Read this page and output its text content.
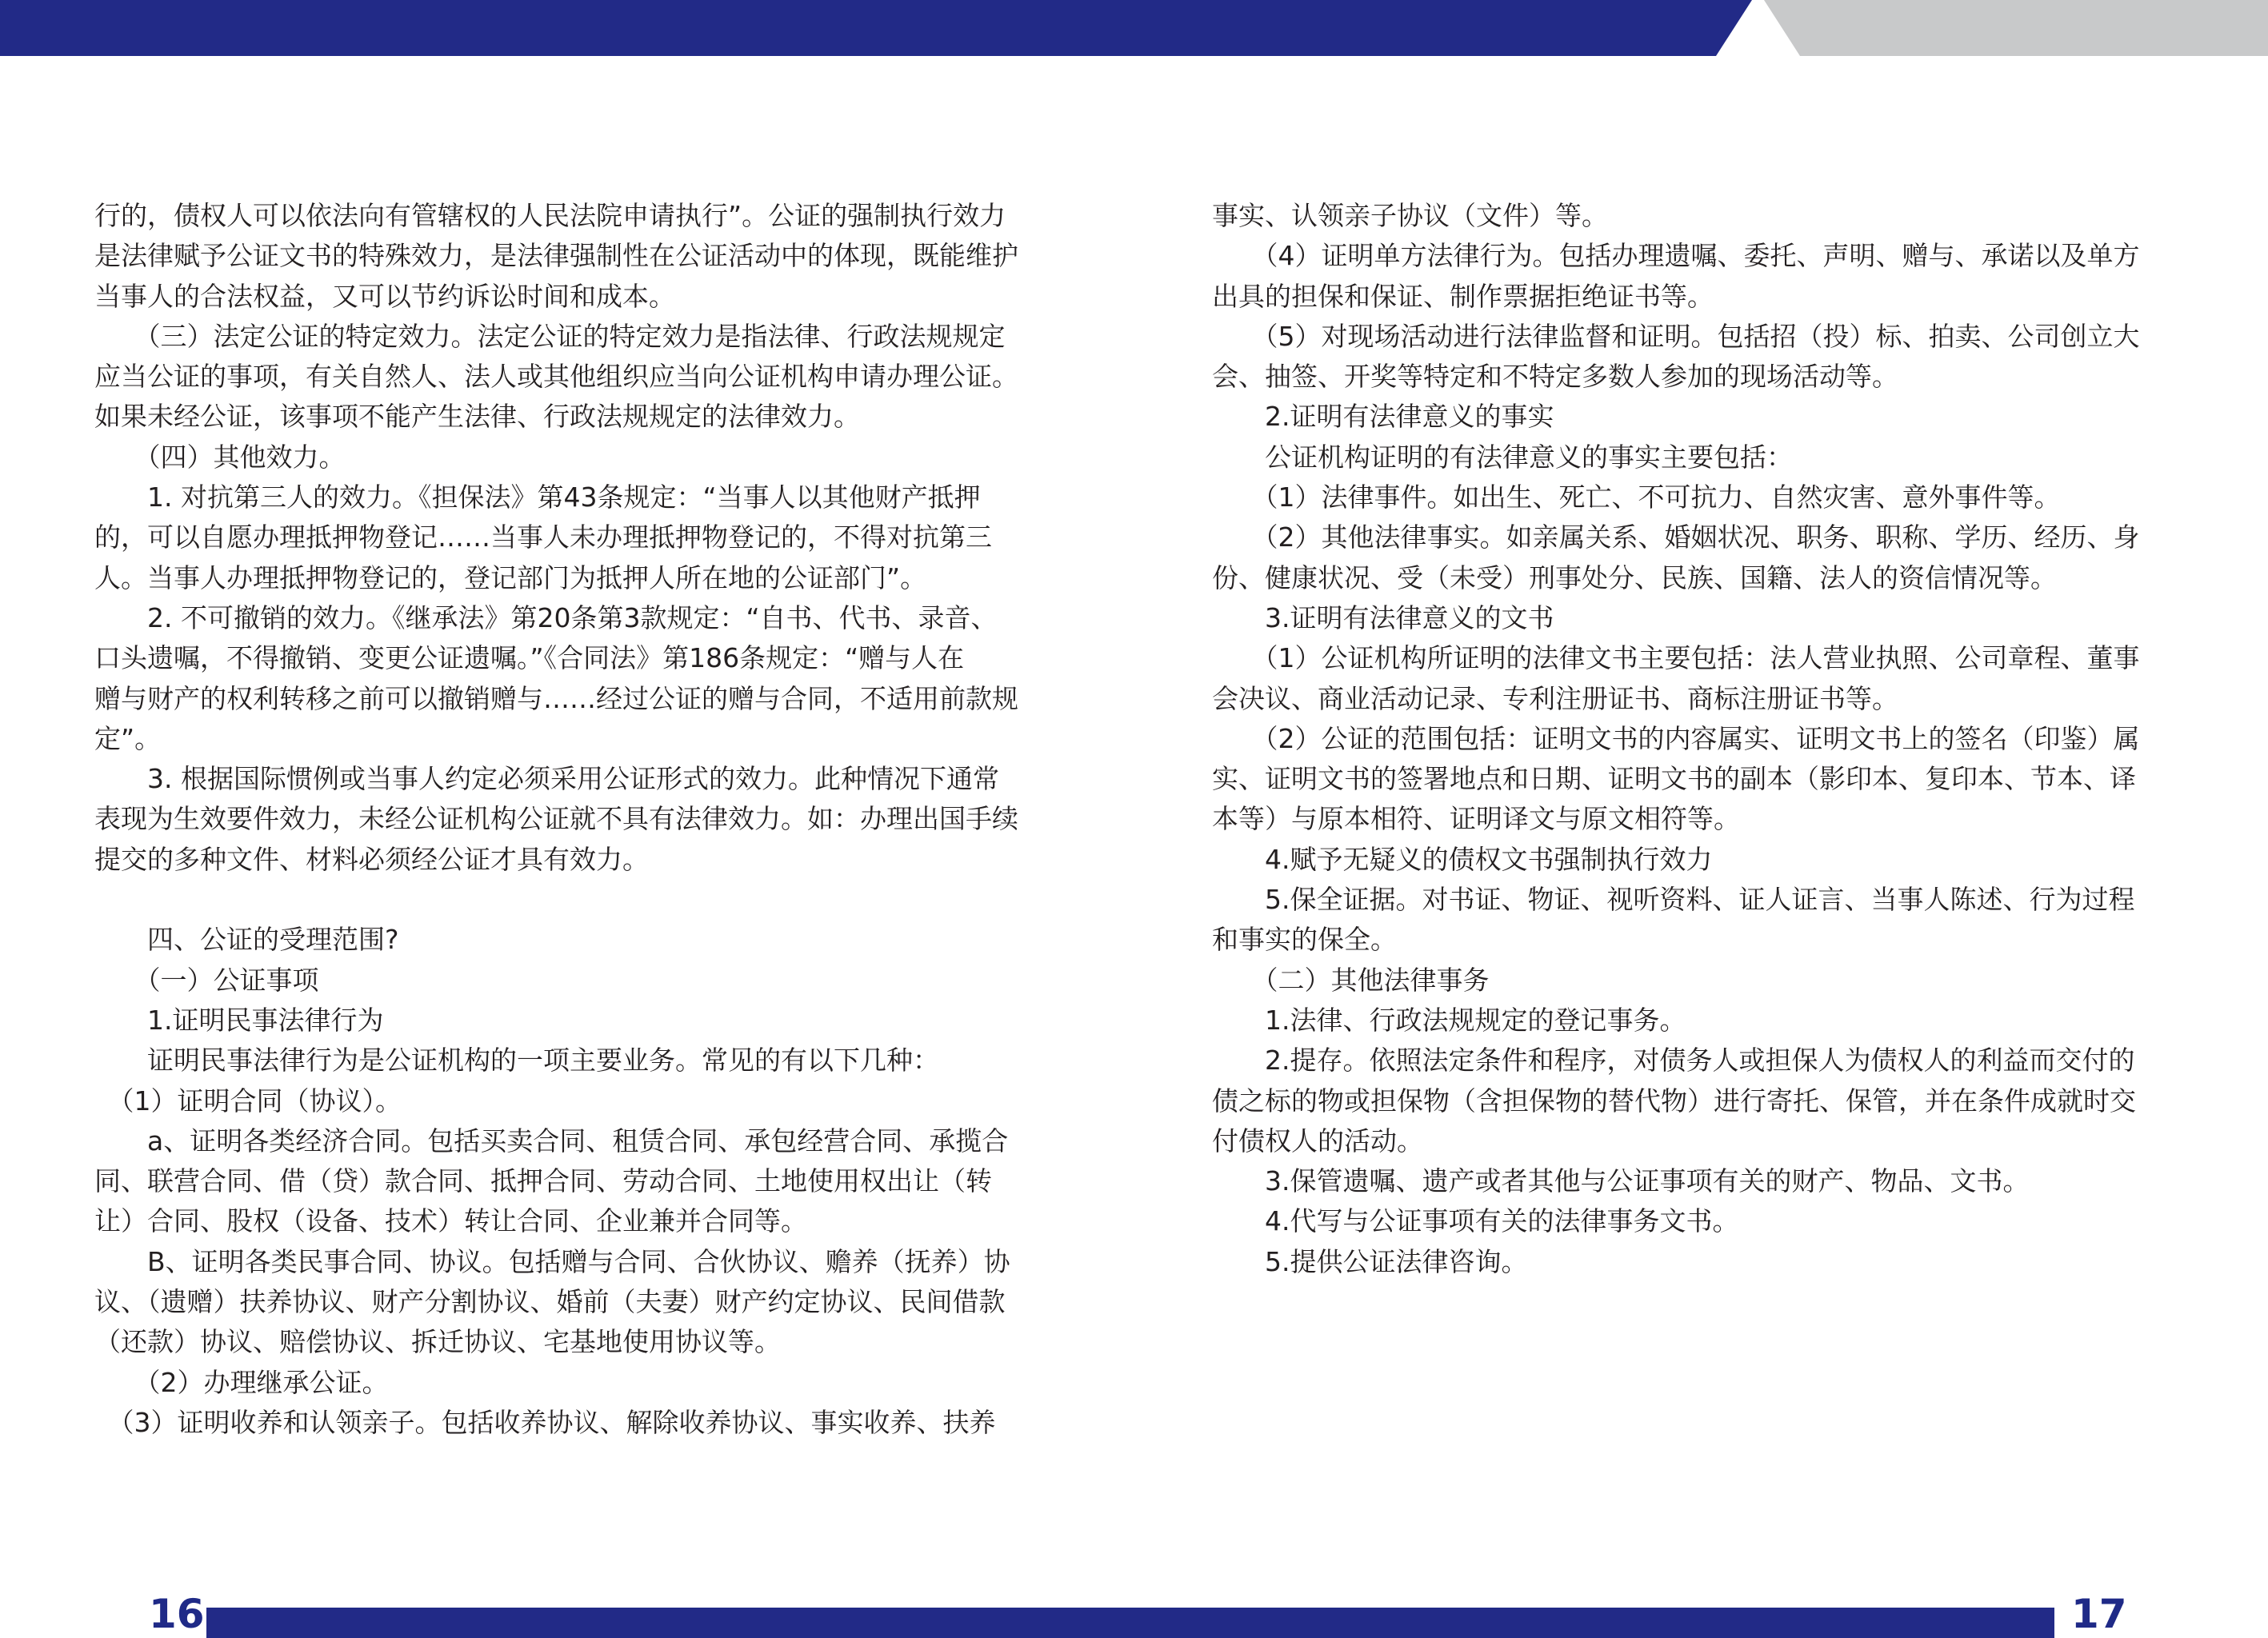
行的，债权人可以依法向有管辖权的人民法院申请执行”。公证的强制执行效力

是法律赋予公证文书的特殊效力，是法律强制性在公证活动中的体现，既能维护

当事人的合法权益，又可以节约诉讼时间和成本。

　　（三）法定公证的特定效力。法定公证的特定效力是指法律、行政法规规定

应当公证的事项，有关自然人、法人或其他组织应当向公证机构申请办理公证。

如果未经公证，该事项不能产生法律、行政法规规定的法律效力。

　　（四）其他效力。

　　1. 对抗第三人的效力。《担保法》第43条规定：“当事人以其他财产抵押

的，可以自愿办理抵押物登记……当事人未办理抵押物登记的，不得对抗第三

人。当事人办理抵押物登记的，登记部门为抵押人所在地的公证部门”。

　　2. 不可撤销的效力。《继承法》第20条第3款规定：“自书、代书、录音、

口头遗嘱，不得撤销、变更公证遗嘱。”《合同法》第186条规定：“赠与人在

赠与财产的权利转移之前可以撤销赠与……经过公证的赠与合同，不适用前款规

定”。

　　3. 根据国际惯例或当事人约定必须采用公证形式的效力。此种情况下通常

表现为生效要件效力，未经公证机构公证就不具有法律效力。如：办理出国手续

提交的多种文件、材料必须经公证才具有效力。

　　四、公证的受理范围?

　　（一）公证事项

　　1.证明民事法律行为

　　证明民事法律行为是公证机构的一项主要业务。常见的有以下几种：

　（1）证明合同（协议）。

　　a、证明各类经济合同。包括买卖合同、租赁合同、承包经营合同、承揽合

同、联营合同、借（贷）款合同、抵押合同、劳动合同、土地使用权出让（转

让）合同、股权（设备、技术）转让合同、企业兼并合同等。

　　B、证明各类民事合同、协议。包括赠与合同、合伙协议、赡养（抚养）协

议、（遗赠）扶养协议、财产分割协议、婚前（夫妻）财产约定协议、民间借款

（还款）协议、赔偿协议、拆迁协议、宅基地使用协议等。

　　（2）办理继承公证。

　（3）证明收养和认领亲子。包括收养协议、解除收养协议、事实收养、扶养

事实、认领亲子协议（文件）等。

　　（4）证明单方法律行为。包括办理遗嘱、委托、声明、赠与、承诺以及单方

出具的担保和保证、制作票据拒绝证书等。

　　（5）对现场活动进行法律监督和证明。包括招（投）标、拍卖、公司创立大

会、抽签、开奖等特定和不特定多数人参加的现场活动等。

　　2.证明有法律意义的事实

　　公证机构证明的有法律意义的事实主要包括：

　　（1）法律事件。如出生、死亡、不可抗力、自然灾害、意外事件等。

　　（2）其他法律事实。如亲属关系、婚姻状况、职务、职称、学历、经历、身

份、健康状况、受（未受）刑事处分、民族、国籍、法人的资信情况等。

　　3.证明有法律意义的文书

　　（1）公证机构所证明的法律文书主要包括：法人营业执照、公司章程、董事

会决议、商业活动记录、专利注册证书、商标注册证书等。

　　（2）公证的范围包括：证明文书的内容属实、证明文书上的签名（印鉴）属

实、证明文书的签署地点和日期、证明文书的副本（影印本、复印本、节本、译

本等）与原本相符、证明译文与原文相符等。

　　4.赋予无疑义的债权文书强制执行效力

　　5.保全证据。对书证、物证、视听资料、证人证言、当事人陈述、行为过程

和事实的保全。

　　（二）其他法律事务

　　1.法律、行政法规规定的登记事务。

　　2.提存。依照法定条件和程序，对债务人或担保人为债权人的利益而交付的

债之标的物或担保物（含担保物的替代物）进行寄托、保管，并在条件成就时交

付债权人的活动。

　　3.保管遗嘱、遗产或者其他与公证事项有关的财产、物品、文书。

　　4.代写与公证事项有关的法律事务文书。

　　5.提供公证法律咨询。

16	17
